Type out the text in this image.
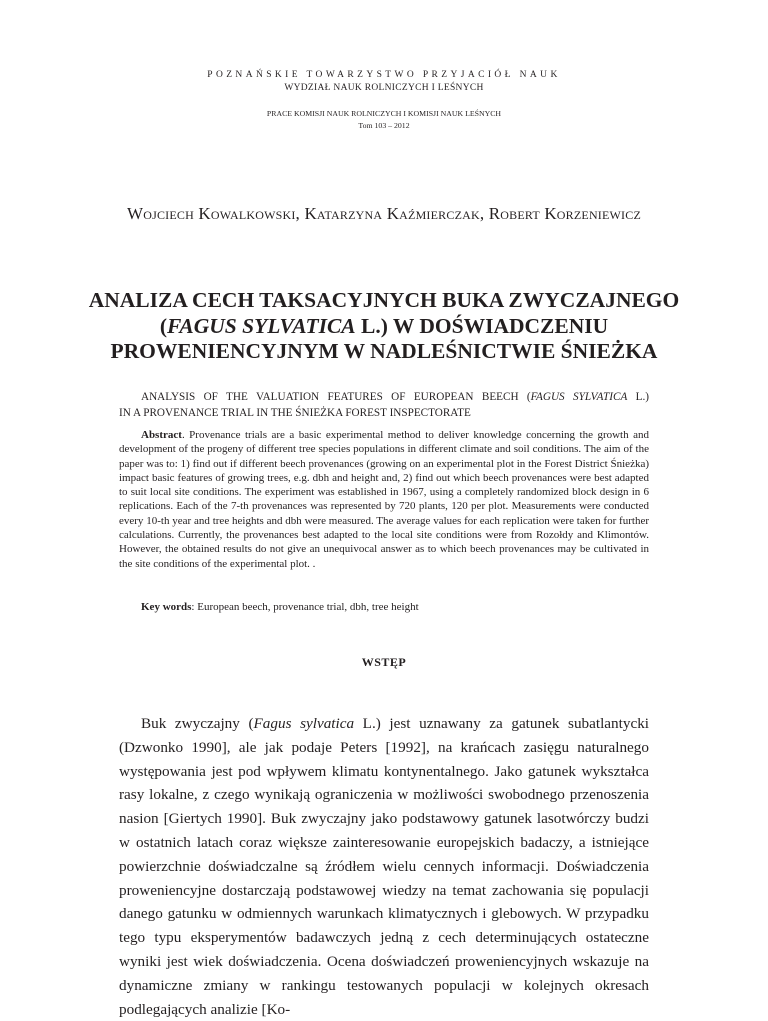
POZNAŃSKIE TOWARZYSTWO PRZYJACIÓŁ NAUK
WYDZIAŁ NAUK ROLNICZYCH I LEŚNYCH
PRACE KOMISJI NAUK ROLNICZYCH I KOMISJI NAUK LEŚNYCH
Tom 103 – 2012
Wojciech Kowalkowski, Katarzyna Kaźmierczak, Robert Korzeniewicz
ANALIZA CECH TAKSACYJNYCH BUKA ZWYCZAJNEGO
(FAGUS SYLVATICA L.) W DOŚWIADCZENIU
PROWENIENCYJNYM W NADLEŚNICTWIE ŚNIEŻKA
ANALYSIS OF THE VALUATION FEATURES OF EUROPEAN BEECH (FAGUS SYLVATICA L.)
IN A PROVENANCE TRIAL IN THE ŚNIEŻKA FOREST INSPECTORATE

Abstract. Provenance trials are a basic experimental method to deliver knowledge concerning the growth and development of the progeny of different tree species populations in different climate and soil conditions. The aim of the paper was to: 1) find out if different beech provenances (growing on an experimental plot in the Forest District Śnieżka) impact basic features of growing trees, e.g. dbh and height and, 2) find out which beech provenances were best adapted to suit local site conditions. The experiment was established in 1967, using a completely randomized block design in 6 replications. Each of the 7-th provenances was represented by 720 plants, 120 per plot. Measurements were conducted every 10-th year and tree heights and dbh were measured. The average values for each replication were taken for further calculations. Currently, the provenances best adapted to the local site conditions were from Rozołdy and Klimontów. However, the obtained results do not give an unequivocal answer as to which beech provenances may be cultivated in the site conditions of the experimental plot. .

Key words: European beech, provenance trial, dbh, tree height
WSTĘP

Buk zwyczajny (Fagus sylvatica L.) jest uznawany za gatunek subatlantycki (Dzwonko 1990], ale jak podaje Peters [1992], na krańcach zasięgu naturalnego występowania jest pod wpływem klimatu kontynentalnego. Jako gatunek wykształca rasy lokalne, z czego wynikają ograniczenia w możliwości swobodnego przenoszenia nasion [Giertych 1990]. Buk zwyczajny jako podstawowy gatunek lasotwórczy budzi w ostatnich latach coraz większe zainteresowanie europejskich badaczy, a istniejące powierzchnie doświadczalne są źródłem wielu cennych informacji. Doświadczenia proweniencyjne dostarczają podstawowej wiedzy na temat zachowania się populacji danego gatunku w odmiennych warunkach klimatycznych i glebowych. W przypadku tego typu eksperymentów badawczych jedną z cech determinujących ostateczne wyniki jest wiek doświadczenia. Ocena doświadczeń proweniencyjnych wskazuje na dynamiczne zmiany w rankingu testowanych populacji w kolejnych okresach podlegających analizie [Ko-
